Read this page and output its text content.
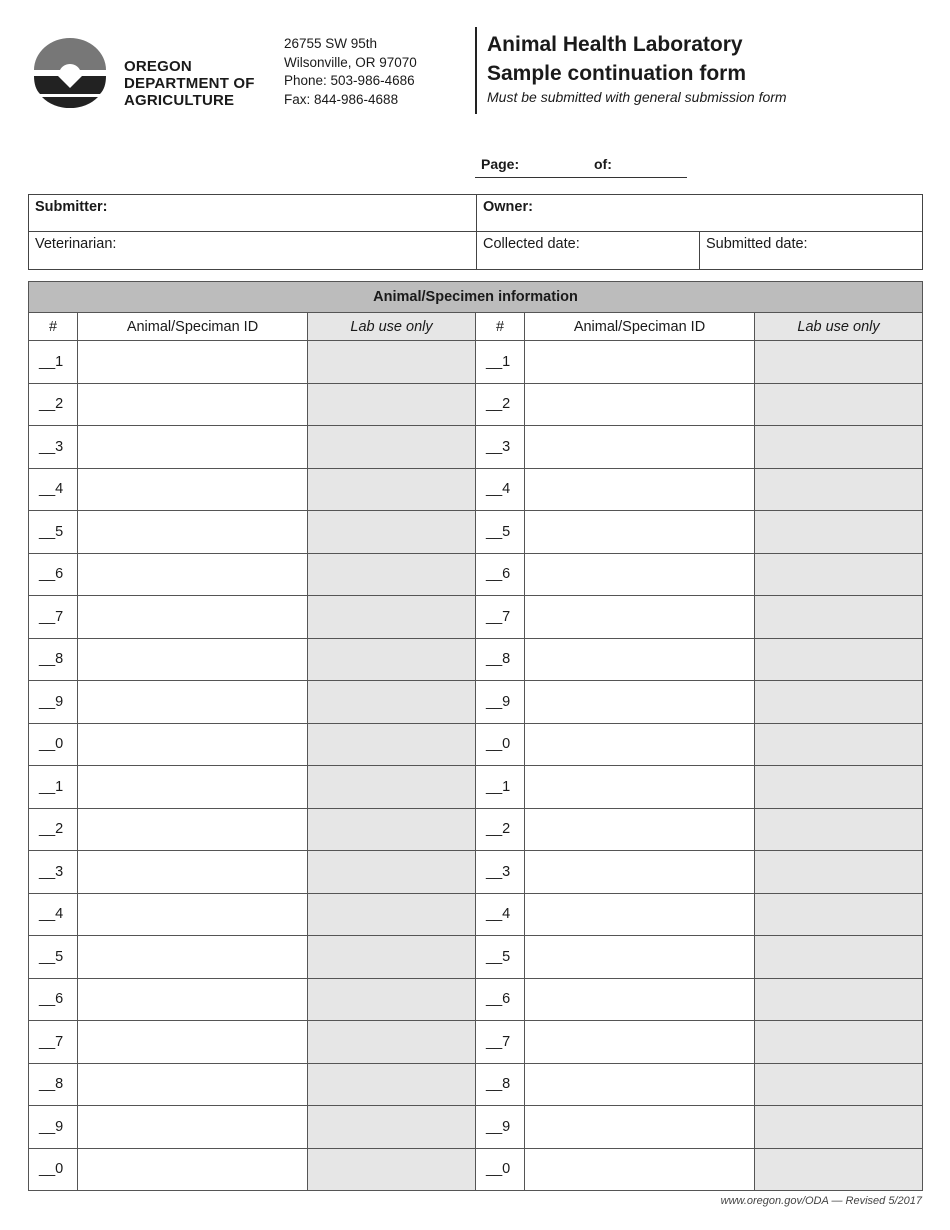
OREGON
DEPARTMENT OF
AGRICULTURE
26755 SW 95th
Wilsonville, OR 97070
Phone: 503-986-4686
Fax: 844-986-4688
Animal Health Laboratory
Sample continuation form
Must be submitted with general submission form
Page:	of:
Submitter:	Owner:
Veterinarian:	Collected date:	Submitted date:
Animal/Specimen information					
#	Animal/Speciman ID	Lab use only	#	Animal/Speciman ID	Lab use only
__1			__1		
__2			__2		
__3			__3		
__4			__4		
__5			__5		
__6			__6		
__7			__7		
__8			__8		
__9			__9		
__0			__0		
__1			__1		
__2			__2		
__3			__3		
__4			__4		
__5			__5		
__6			__6		
__7			__7		
__8			__8		
__9			__9		
__0			__0		
www.oregon.gov/ODA — Revised 5/2017
